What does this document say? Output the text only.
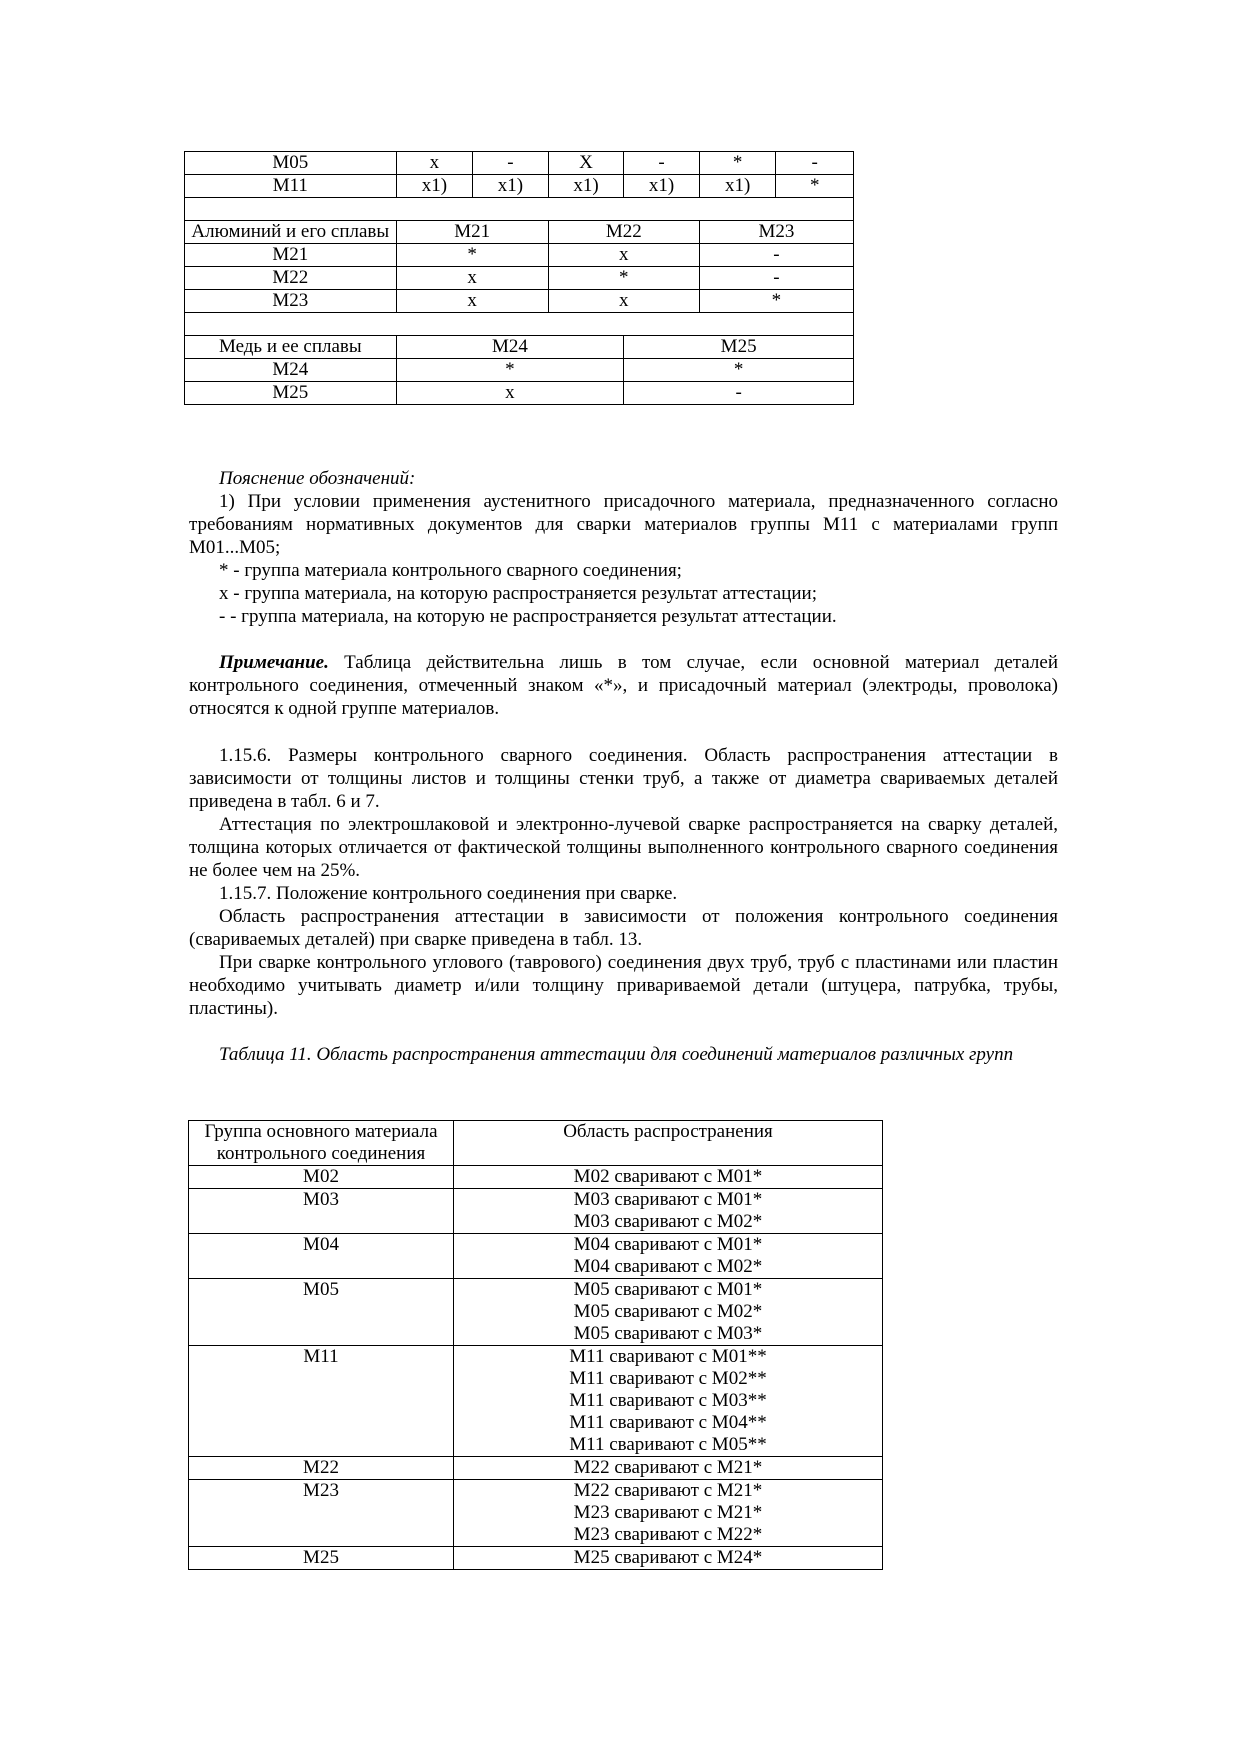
M05	x	-	X	-	*	-
M11	x1)	x1)	x1)	x1)	x1)	*

Алюминий и его сплавы	M21		M22		M23	
M21	*		x		-	
M22	x		*		-	
M23	x		x		*	

Медь и ее сплавы	M24			M25		
M24	*			*		
M25	x			-		

Пояснение обозначений:

1) При условии применения аустенитного присадочного материала, предназначенного согласно требованиям нормативных документов для сварки материалов группы M11 с материалами групп M01...M05;

* - группа материала контрольного сварного соединения;

x - группа материала, на которую распространяется результат аттестации;

- - группа материала, на которую не распространяется результат аттестации.

Примечание. Таблица действительна лишь в том случае, если основной материал деталей контрольного соединения, отмеченный знаком «*», и присадочный материал (электроды, проволока) относятся к одной группе материалов.

1.15.6. Размеры контрольного сварного соединения. Область распространения аттестации в зависимости от толщины листов и толщины стенки труб, а также от диаметра свариваемых деталей приведена в табл. 6 и 7.

Аттестация по электрошлаковой и электронно-лучевой сварке распространяется на сварку деталей, толщина которых отличается от фактической толщины выполненного контрольного сварного соединения не более чем на 25%.

1.15.7. Положение контрольного соединения при сварке.

Область распространения аттестации в зависимости от положения контрольного соединения (свариваемых деталей) при сварке приведена в табл. 13.

При сварке контрольного углового (таврового) соединения двух труб, труб с пластинами или пластин необходимо учитывать диаметр и/или толщину привариваемой детали (штуцера, патрубка, трубы, пластины).

Таблица 11. Область распространения аттестации для соединений материалов различных групп

Группа основного материала контрольного соединения	Область распространения
M02	M02 сваривают с M01*

M03	M03 сваривают с M01*
M03 сваривают с M02*

M04	M04 сваривают с M01*
M04 сваривают с M02*

M05	M05 сваривают с M01*
M05 сваривают с M02*
M05 сваривают с M03*

M11	M11 сваривают с M01**
M11 сваривают с M02**
M11 сваривают с M03**
M11 сваривают с M04**
M11 сваривают с M05**

M22	M22 сваривают с M21*

M23	M22 сваривают с M21*
M23 сваривают с M21*
M23 сваривают с M22*

M25	M25 сваривают с M24*
